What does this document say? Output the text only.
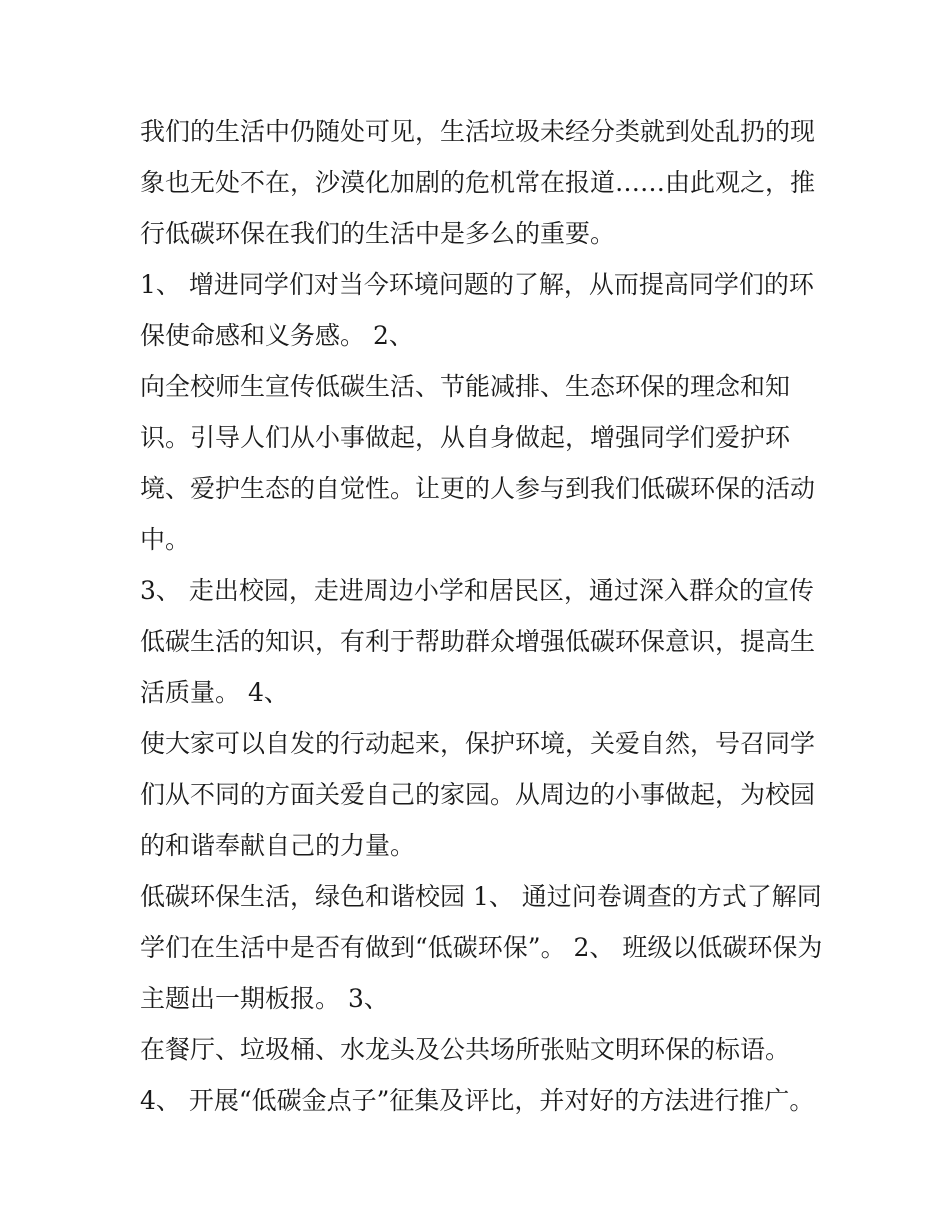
我们的生活中仍随处可见，生活垃圾未经分类就到处乱扔的现
象也无处不在，沙漠化加剧的危机常在报道……由此观之，推
行低碳环保在我们的生活中是多么的重要。
1、 增进同学们对当今环境问题的了解，从而提高同学们的环
保使命感和义务感。 2、
向全校师生宣传低碳生活、节能减排、生态环保的理念和知
识。引导人们从小事做起，从自身做起，增强同学们爱护环
境、爱护生态的自觉性。让更的人参与到我们低碳环保的活动
中。
3、 走出校园，走进周边小学和居民区，通过深入群众的宣传
低碳生活的知识，有利于帮助群众增强低碳环保意识，提高生
活质量。 4、
使大家可以自发的行动起来，保护环境，关爱自然，号召同学
们从不同的方面关爱自己的家园。从周边的小事做起，为校园
的和谐奉献自己的力量。
低碳环保生活，绿色和谐校园 1、 通过问卷调查的方式了解同
学们在生活中是否有做到“低碳环保”。 2、 班级以低碳环保为
主题出一期板报。 3、
在餐厅、垃圾桶、水龙头及公共场所张贴文明环保的标语。
4、 开展“低碳金点子”征集及评比，并对好的方法进行推广。
